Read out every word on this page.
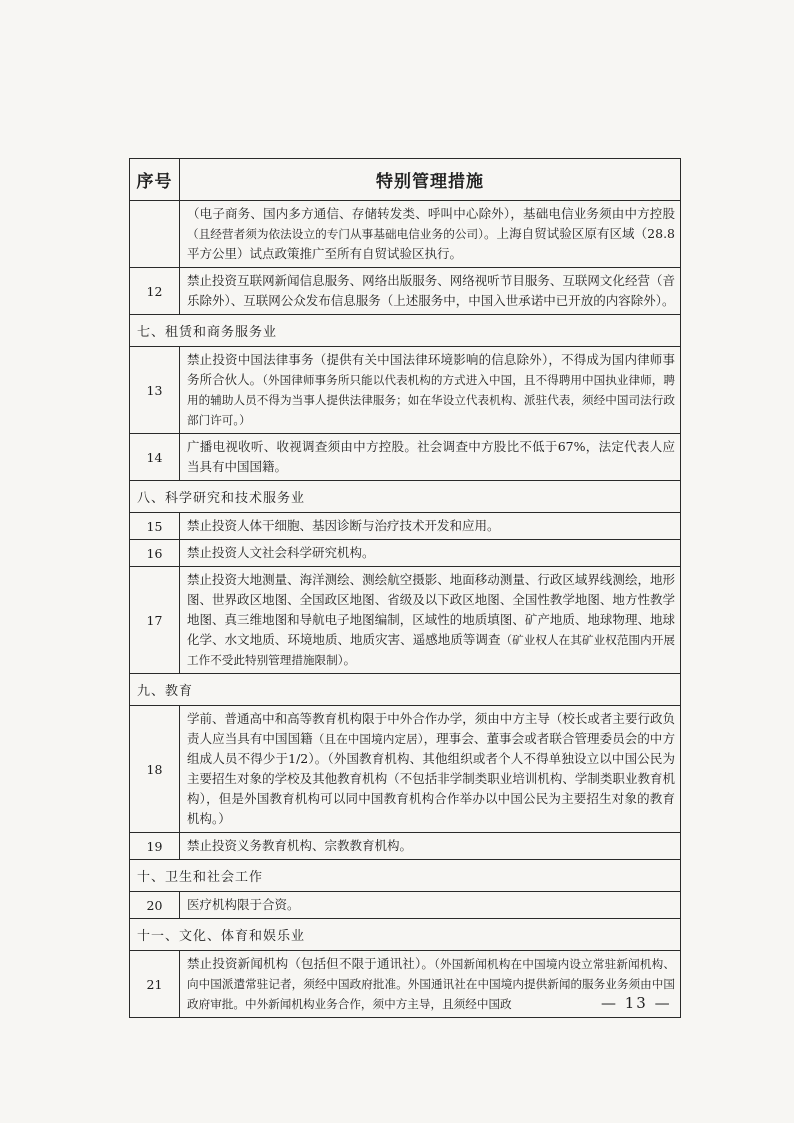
序号	特别管理措施
	（电子商务、国内多方通信、存储转发类、呼叫中心除外），基础电信业务须由中方控股（且经营者须为依法设立的专门从事基础电信业务的公司）。上海自贸试验区原有区域（28.8平方公里）试点政策推广至所有自贸试验区执行。
12	禁止投资互联网新闻信息服务、网络出版服务、网络视听节目服务、互联网文化经营（音乐除外）、互联网公众发布信息服务（上述服务中，中国入世承诺中已开放的内容除外）。
七、租赁和商务服务业	
13	禁止投资中国法律事务（提供有关中国法律环境影响的信息除外），不得成为国内律师事务所合伙人。（外国律师事务所只能以代表机构的方式进入中国，且不得聘用中国执业律师，聘用的辅助人员不得为当事人提供法律服务；如在华设立代表机构、派驻代表，须经中国司法行政部门许可。）
14	广播电视收听、收视调查须由中方控股。社会调查中方股比不低于67%，法定代表人应当具有中国国籍。
八、科学研究和技术服务业	
15	禁止投资人体干细胞、基因诊断与治疗技术开发和应用。
16	禁止投资人文社会科学研究机构。
17	禁止投资大地测量、海洋测绘、测绘航空摄影、地面移动测量、行政区域界线测绘，地形图、世界政区地图、全国政区地图、省级及以下政区地图、全国性教学地图、地方性教学地图、真三维地图和导航电子地图编制，区域性的地质填图、矿产地质、地球物理、地球化学、水文地质、环境地质、地质灾害、遥感地质等调查（矿业权人在其矿业权范围内开展工作不受此特别管理措施限制）。
九、教育	
18	学前、普通高中和高等教育机构限于中外合作办学，须由中方主导（校长或者主要行政负责人应当具有中国国籍（且在中国境内定居），理事会、董事会或者联合管理委员会的中方组成人员不得少于1/2）。（外国教育机构、其他组织或者个人不得单独设立以中国公民为主要招生对象的学校及其他教育机构（不包括非学制类职业培训机构、学制类职业教育机构），但是外国教育机构可以同中国教育机构合作举办以中国公民为主要招生对象的教育机构。）
19	禁止投资义务教育机构、宗教教育机构。
十、卫生和社会工作	
20	医疗机构限于合资。
十一、文化、体育和娱乐业	
21	禁止投资新闻机构（包括但不限于通讯社）。（外国新闻机构在中国境内设立常驻新闻机构、向中国派遣常驻记者，须经中国政府批准。外国通讯社在中国境内提供新闻的服务业务须由中国政府审批。中外新闻机构业务合作，须中方主导，且须经中国政	— 13 —
